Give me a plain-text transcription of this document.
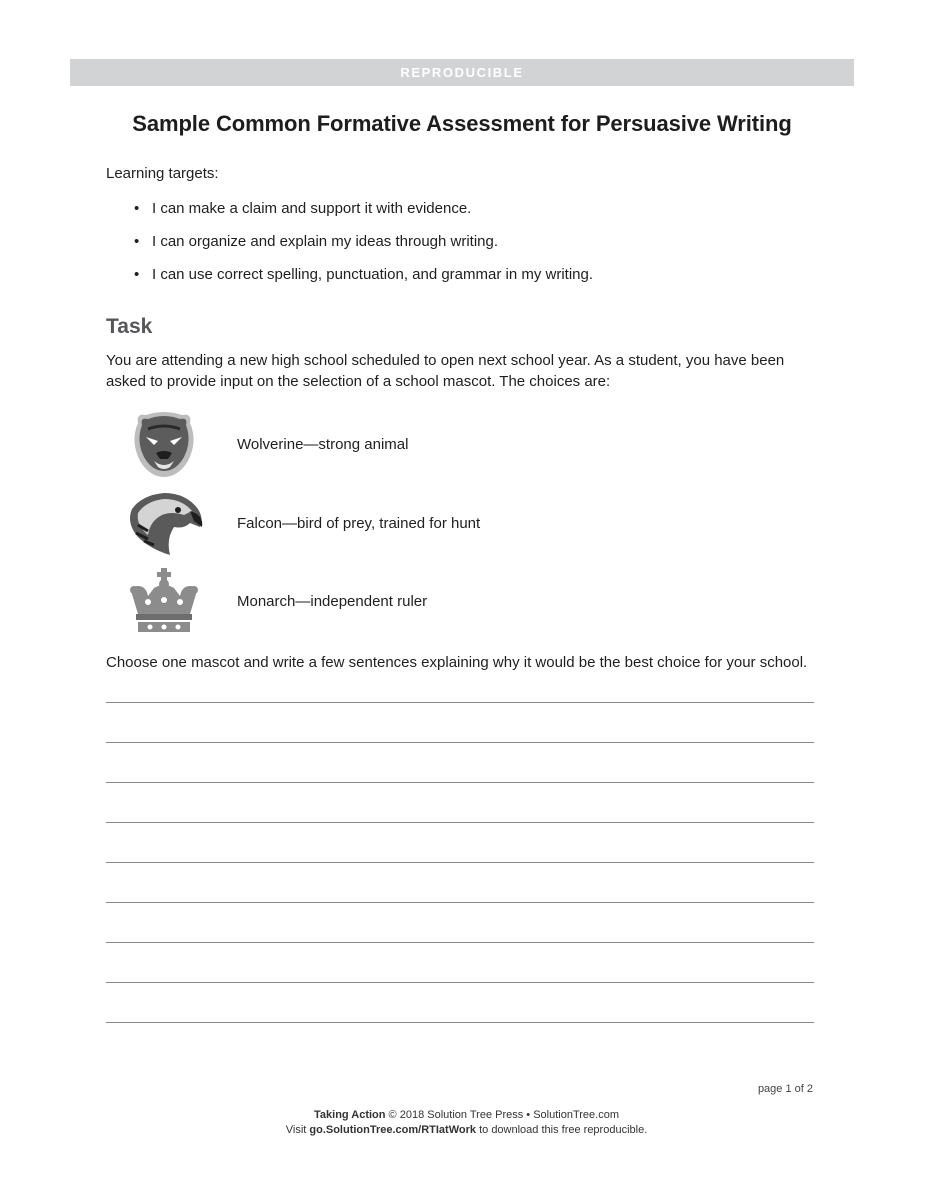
REPRODUCIBLE
Sample Common Formative Assessment for Persuasive Writing
Learning targets:
• I can make a claim and support it with evidence.
• I can organize and explain my ideas through writing.
• I can use correct spelling, punctuation, and grammar in my writing.
Task
You are attending a new high school scheduled to open next school year. As a student, you have been asked to provide input on the selection of a school mascot. The choices are:
Wolverine—strong animal
Falcon—bird of prey, trained for hunt
Monarch—independent ruler
Choose one mascot and write a few sentences explaining why it would be the best choice for your school.
page 1 of 2
Taking Action © 2018 Solution Tree Press • SolutionTree.com
Visit go.SolutionTree.com/RTIatWork to download this free reproducible.
